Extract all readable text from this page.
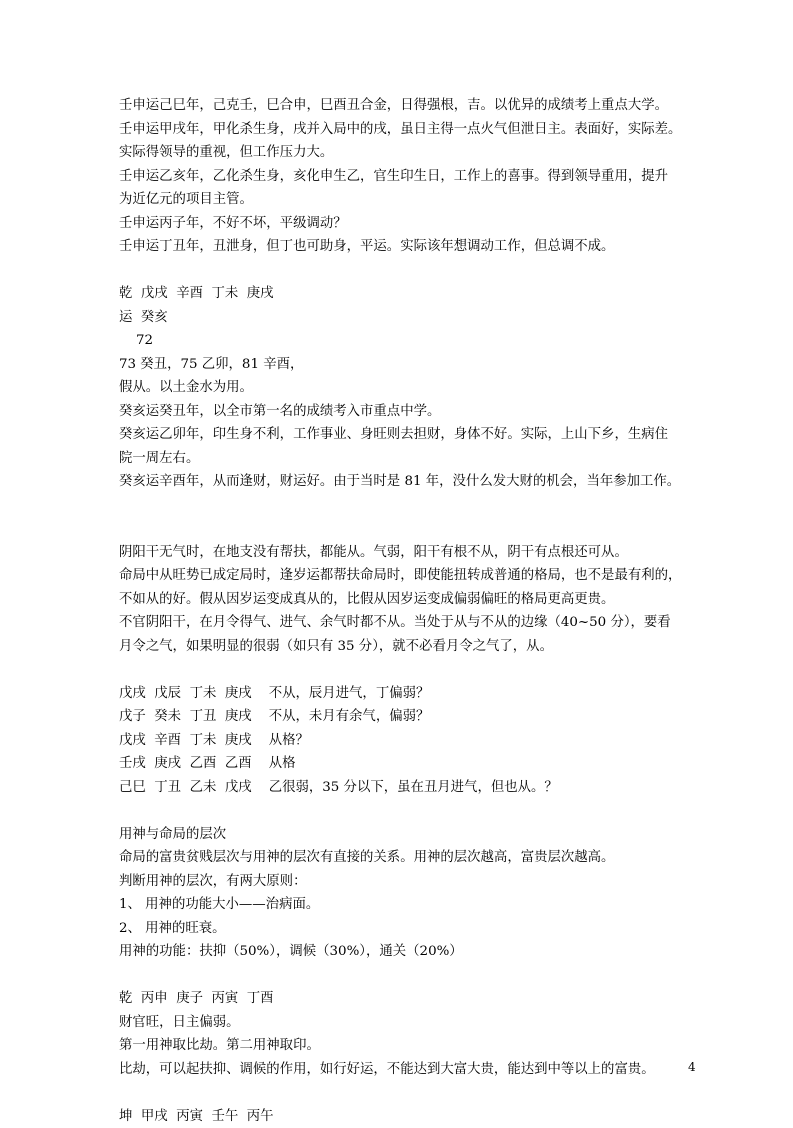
壬申运己巳年，己克壬，巳合申，巳酉丑合金，日得强根，吉。以优异的成绩考上重点大学。

壬申运甲戌年，甲化杀生身，戌并入局中的戌，虽日主得一点火气但泄日主。表面好，实际差。

实际得领导的重视，但工作压力大。

壬申运乙亥年，乙化杀生身，亥化申生乙，官生印生日，工作上的喜事。得到领导重用，提升

为近亿元的项目主管。

壬申运丙子年，不好不坏，平级调动？

壬申运丁丑年，丑泄身，但丁也可助身，平运。实际该年想调动工作，但总调不成。

乾  戊戌  辛酉  丁未  庚戌

运  癸亥

72

73 癸丑，75 乙卯，81 辛酉，

假从。以土金水为用。

癸亥运癸丑年，以全市第一名的成绩考入市重点中学。

癸亥运乙卯年，印生身不利，工作事业、身旺则去担财，身体不好。实际，上山下乡，生病住

院一周左右。

癸亥运辛酉年，从而逢财，财运好。由于当时是 81 年，没什么发大财的机会，当年参加工作。

阴阳干无气时，在地支没有帮扶，都能从。气弱，阳干有根不从，阴干有点根还可从。

命局中从旺势已成定局时，逢岁运都帮扶命局时，即使能扭转成普通的格局，也不是最有利的，

不如从的好。假从因岁运变成真从的，比假从因岁运变成偏弱偏旺的格局更高更贵。

不官阴阳干，在月令得气、进气、余气时都不从。当处于从与不从的边缘（40~50 分），要看

月令之气，如果明显的很弱（如只有 35 分），就不必看月令之气了，从。

戊戌  戊辰  丁未  庚戌    不从，辰月进气，丁偏弱？

戊子  癸未  丁丑  庚戌    不从，未月有余气，偏弱？

戊戌  辛酉  丁未  庚戌    从格？

壬戌  庚戌  乙酉  乙酉    从格

己巳  丁丑  乙未  戊戌    乙很弱，35 分以下，虽在丑月进气，但也从。？

用神与命局的层次

命局的富贵贫贱层次与用神的层次有直接的关系。用神的层次越高，富贵层次越高。

判断用神的层次，有两大原则：

1、 用神的功能大小——治病面。

2、 用神的旺衰。

用神的功能：扶抑（50%），调候（30%），通关（20%）

乾  丙申  庚子  丙寅  丁酉

财官旺，日主偏弱。

第一用神取比劫。第二用神取印。

比劫，可以起扶抑、调候的作用，如行好运，不能达到大富大贵，能达到中等以上的富贵。

坤  甲戌  丙寅  壬午  丙午

4
